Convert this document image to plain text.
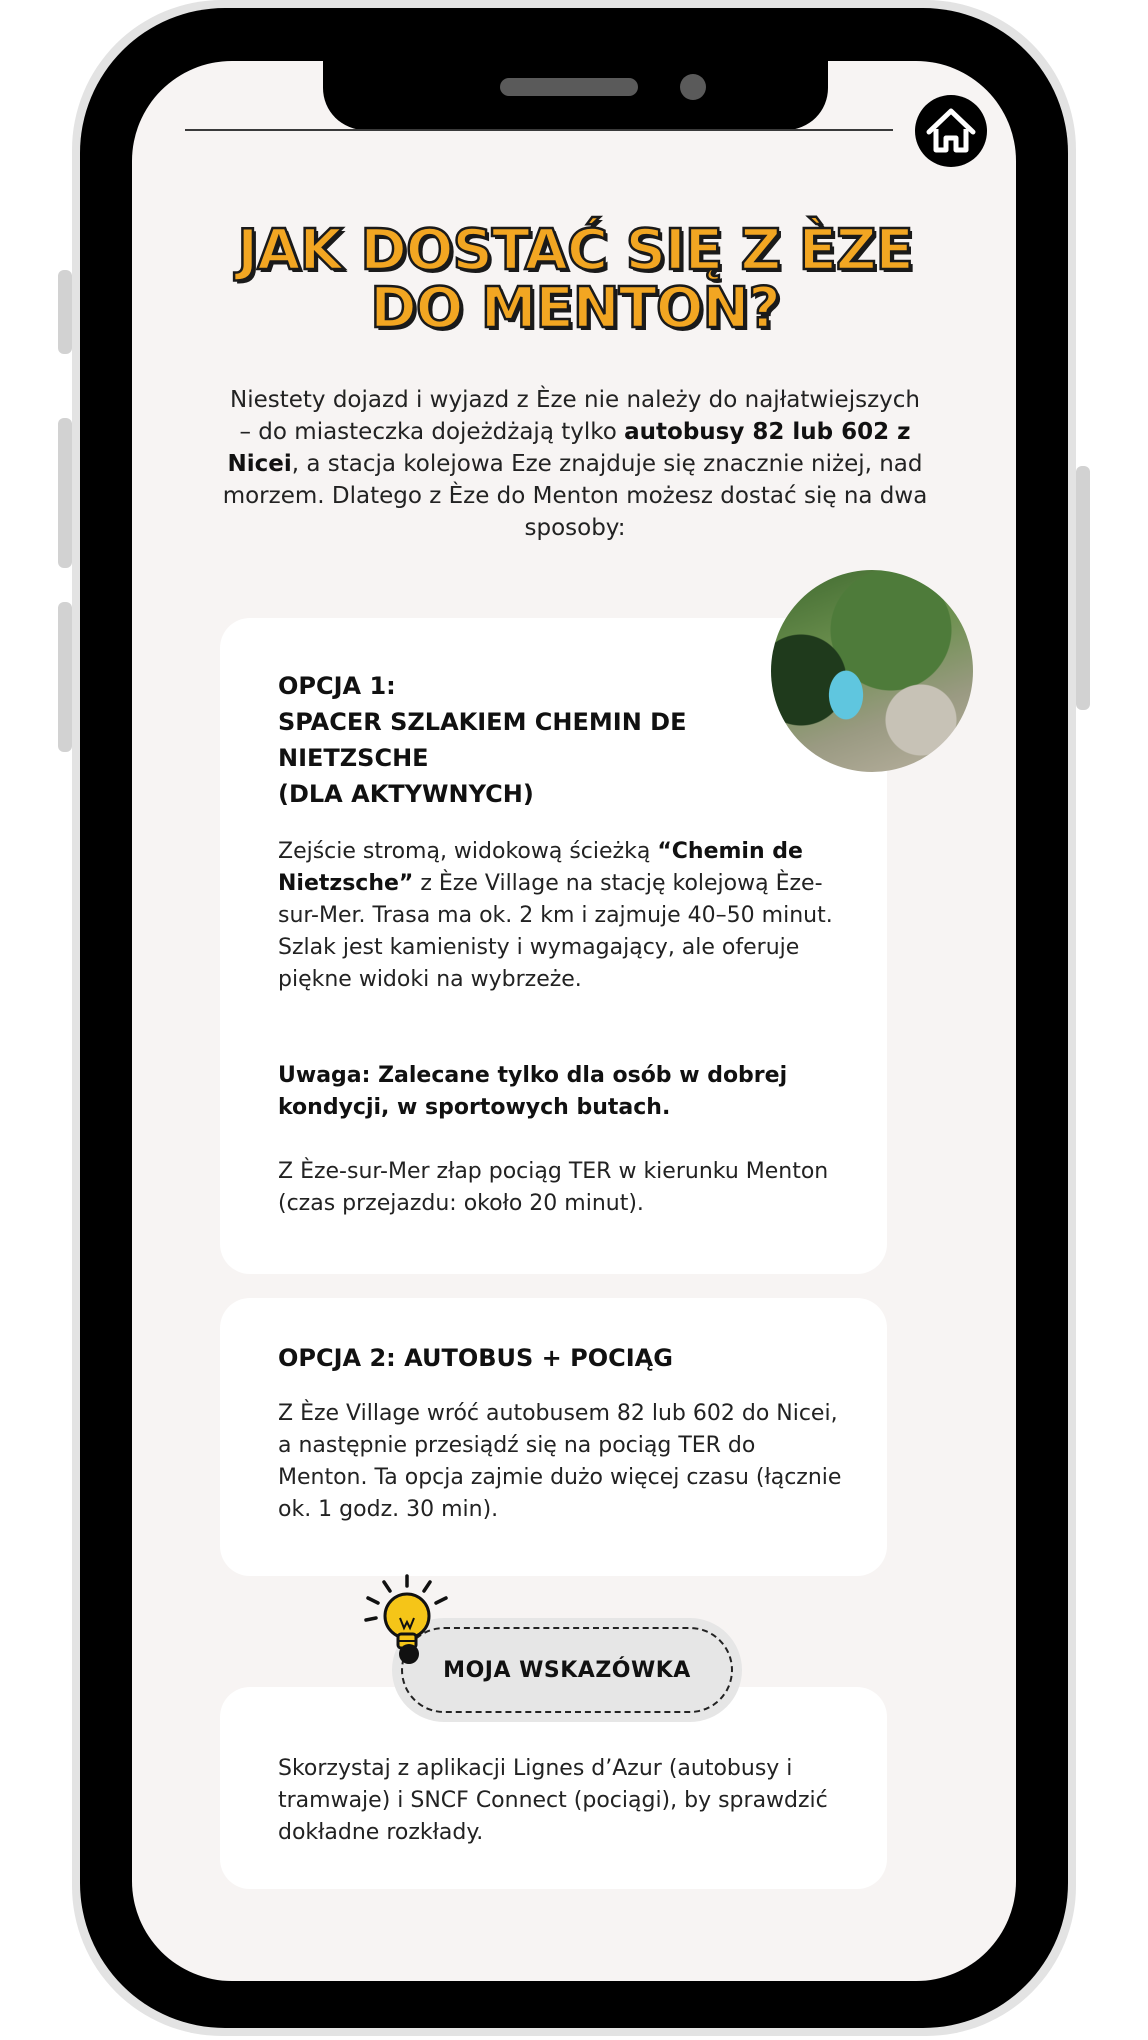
JAK DOSTAĆ SIĘ Z ÈZE DO MENTON?

Niestety dojazd i wyjazd z Èze nie należy do najłatwiejszych – do miasteczka dojeżdżają tylko autobusy 82 lub 602 z Nicei, a stacja kolejowa Eze znajduje się znacznie niżej, nad morzem. Dlatego z Èze do Menton możesz dostać się na dwa sposoby:

OPCJA 1:
SPACER SZLAKIEM CHEMIN DE NIETZSCHE
(DLA AKTYWNYCH)

Zejście stromą, widokową ścieżką “Chemin de Nietzsche” z Èze Village na stację kolejową Èze-sur-Mer. Trasa ma ok. 2 km i zajmuje 40–50 minut. Szlak jest kamienisty i wymagający, ale oferuje piękne widoki na wybrzeże.

Uwaga: Zalecane tylko dla osób w dobrej kondycji, w sportowych butach.

Z Èze-sur-Mer złap pociąg TER w kierunku Menton (czas przejazdu: około 20 minut).

OPCJA 2: AUTOBUS + POCIĄG

Z Èze Village wróć autobusem 82 lub 602 do Nicei, a następnie przesiądź się na pociąg TER do Menton. Ta opcja zajmie dużo więcej czasu (łącznie ok. 1 godz. 30 min).

Skorzystaj z aplikacji Lignes d’Azur (autobusy i tramwaje) i SNCF Connect (pociągi), by sprawdzić dokładne rozkłady.

MOJA WSKAZÓWKA
